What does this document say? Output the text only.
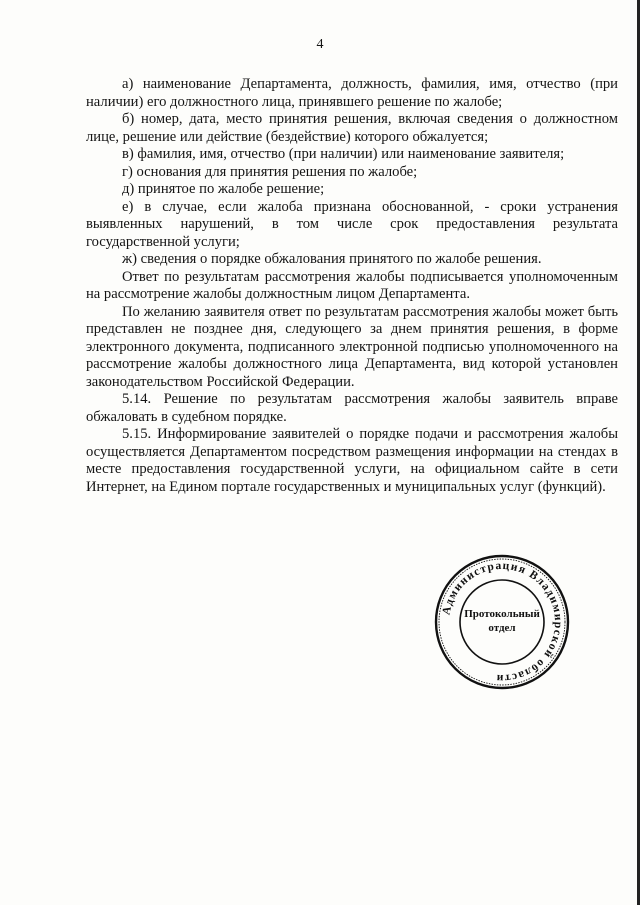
4

а) наименование Департамента, должность, фамилия, имя, отчество (при наличии) его должностного лица, принявшего решение по жалобе;

б) номер, дата, место принятия решения, включая сведения о должностном лице, решение или действие (бездействие) которого обжалуется;

в) фамилия, имя, отчество (при наличии) или наименование заявителя;

г) основания для принятия решения по жалобе;

д) принятое по жалобе решение;

е) в случае, если жалоба признана обоснованной, - сроки устранения выявленных нарушений, в том числе срок предоставления результата государственной услуги;

ж) сведения о порядке обжалования принятого по жалобе решения.

Ответ по результатам рассмотрения жалобы подписывается уполномоченным на рассмотрение жалобы должностным лицом Департамента.

По желанию заявителя ответ по результатам рассмотрения жалобы может быть представлен не позднее дня, следующего за днем принятия решения, в форме электронного документа, подписанного электронной подписью уполномоченного на рассмотрение жалобы должностного лица Департамента, вид которой установлен законодательством Российской Федерации.

5.14. Решение по результатам рассмотрения жалобы заявитель вправе обжаловать в судебном порядке.

5.15. Информирование заявителей о порядке подачи и рассмотрения жалобы осуществляется Департаментом посредством размещения информации на стендах в месте предоставления государственной услуги, на официальном сайте в сети Интернет, на Едином портале государственных и муниципальных услуг (функций).

Администрация Владимирской области
Протокольный
отдел
